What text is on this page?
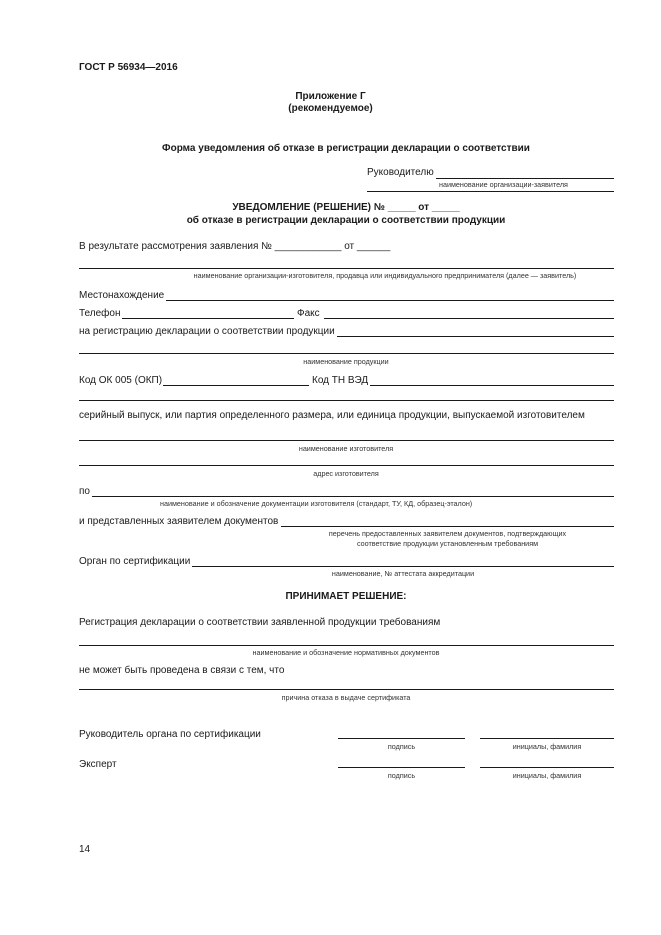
ГОСТ Р 56934—2016
Приложение Г
(рекомендуемое)
Форма уведомления об отказе в регистрации декларации о соответствии
Руководителю
наименование организации-заявителя
УВЕДОМЛЕНИЕ (РЕШЕНИЕ) № _____ от _____
об отказе в регистрации декларации о соответствии продукции
В результате рассмотрения заявления № ____________ от ______
наименование организации-изготовителя, продавца или индивидуального предпринимателя (далее — заявитель)
Местонахождение
Телефон	Факс
на регистрацию декларации о соответствии продукции
наименование продукции
Код ОК 005 (ОКП)	Код ТН ВЭД
серийный выпуск, или партия определенного размера, или единица продукции, выпускаемой изготовителем
наименование изготовителя
адрес изготовителя
по
наименование и обозначение документации изготовителя (стандарт, ТУ, КД, образец-эталон)
и представленных заявителем документов
перечень предоставленных заявителем документов, подтверждающих
соответствие продукции установленным требованиям
Орган по сертификации
наименование, № аттестата аккредитации
ПРИНИМАЕТ РЕШЕНИЕ:
Регистрация декларации о соответствии заявленной продукции требованиям
наименование и обозначение нормативных документов
не может быть проведена в связи с тем, что
причина отказа в выдаче сертификата
Руководитель органа по сертификации
подпись	инициалы, фамилия
Эксперт
подпись	инициалы, фамилия
14
